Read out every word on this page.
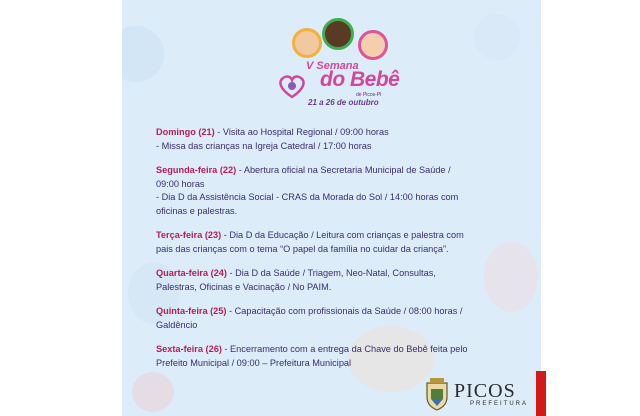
V Semana
do Bebê
de Picos-PI
21 a 26 de outubro
Domingo (21) - Visita ao Hospital Regional / 09:00 horas
- Missa das crianças na Igreja Catedral / 17:00 horas
Segunda-feira (22) - Abertura oficial na Secretaria Municipal de Saúde /
09:00 horas
- Dia D da Assistência Social - CRAS da Morada do Sol / 14:00 horas com
oficinas e palestras.
Terça-feira (23) - Dia D da Educação / Leitura com crianças e palestra com
pais das crianças com o tema “O papel da família no cuidar da criança”.
Quarta-feira (24) - Dia D da Saúde / Triagem, Neo-Natal, Consultas,
Palestras, Oficinas e Vacinação / No PAIM.
Quinta-feira (25) - Capacitação com profissionais da Saúde / 08:00 horas /
Galdêncio
Sexta-feira (26) - Encerramento com a entrega da Chave do Bebê feita pelo
Prefeito Municipal / 09:00 – Prefeitura Municipal
PICOS
PREFEITURA
